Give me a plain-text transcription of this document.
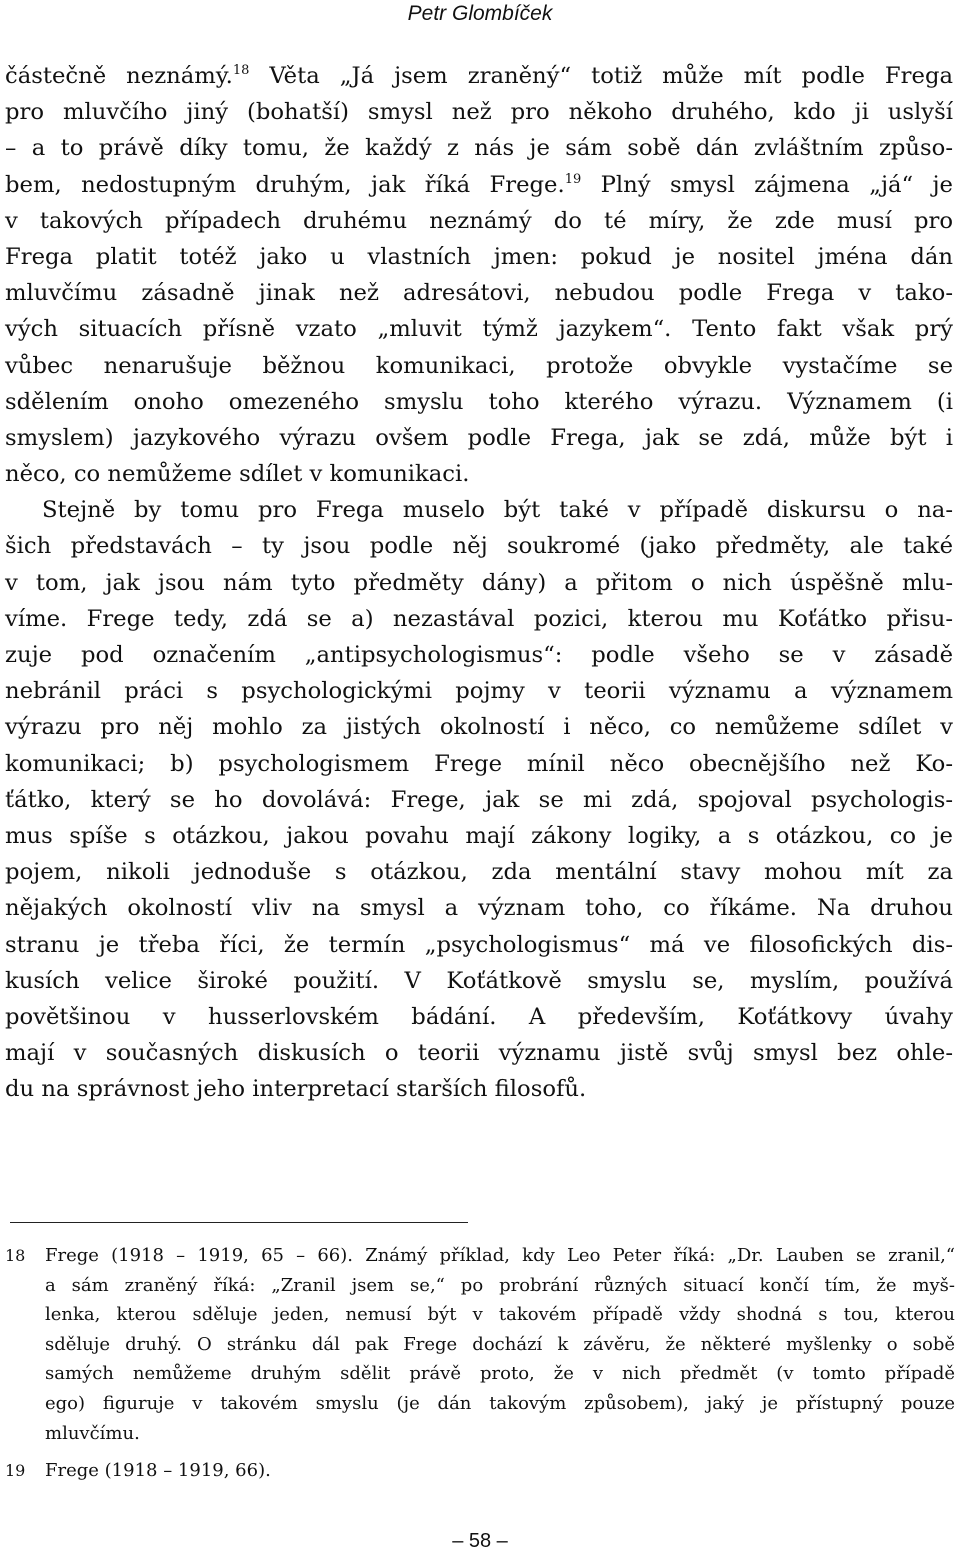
Petr Glombíček
částečně neznámý.$^{18}$ Věta „Já jsem zraněný“ totiž může mít podle Frega
pro mluvčího jiný (bohatší) smysl než pro někoho druhého, kdo ji uslyší
– a to právě díky tomu, že každý z nás je sám sobě dán zvláštním způso-
bem, nedostupným druhým, jak říká Frege.$^{19}$ Plný smysl zájmena „já“ je
v takových případech druhému neznámý do té míry, že zde musí pro
Frega platit totéž jako u vlastních jmen: pokud je nositel jména dán
mluvčímu zásadně jinak než adresátovi, nebudou podle Frega v tako-
vých situacích přísně vzato „mluvit týmž jazykem“. Tento fakt však prý
vůbec nenarušuje běžnou komunikaci, protože obvykle vystačíme se
sdělením onoho omezeného smyslu toho kterého výrazu. Významem (i
smyslem) jazykového výrazu ovšem podle Frega, jak se zdá, může být i
něco, co nemůžeme sdílet v komunikaci.
Stejně by tomu pro Frega muselo být také v případě diskursu o na-
šich představách – ty jsou podle něj soukromé (jako předměty, ale také
v tom, jak jsou nám tyto předměty dány) a přitom o nich úspěšně mlu-
víme. Frege tedy, zdá se a) nezastával pozici, kterou mu Koťátko přisu-
zuje pod označením „antipsychologismus“: podle všeho se v zásadě
nebránil práci s psychologickými pojmy v teorii významu a významem
výrazu pro něj mohlo za jistých okolností i něco, co nemůžeme sdílet v
komunikaci; b) psychologismem Frege mínil něco obecnějšího než Ko-
ťátko, který se ho dovolává: Frege, jak se mi zdá, spojoval psychologis-
mus spíše s otázkou, jakou povahu mají zákony logiky, a s otázkou, co je
pojem, nikoli jednoduše s otázkou, zda mentální stavy mohou mít za
nějakých okolností vliv na smysl a význam toho, co říkáme. Na druhou
stranu je třeba říci, že termín „psychologismus“ má ve filosofických dis-
kusích velice široké použití. V Koťátkově smyslu se, myslím, používá
povětšinou v husserlovském bádání. A především, Koťátkovy úvahy
mají v současných diskusích o teorii významu jistě svůj smysl bez ohle-
du na správnost jeho interpretací starších filosofů.
18 Frege (1918 – 1919, 65 – 66). Známý příklad, kdy Leo Peter říká: „Dr. Lauben se zranil,“
a sám zraněný říká: „Zranil jsem se,“ po probrání různých situací končí tím, že myš-
lenka, kterou sděluje jeden, nemusí být v takovém případě vždy shodná s tou, kterou
sděluje druhý. O stránku dál pak Frege dochází k závěru, že některé myšlenky o sobě
samých nemůžeme druhým sdělit právě proto, že v nich předmět (v tomto případě
ego) figuruje v takovém smyslu (je dán takovým způsobem), jaký je přístupný pouze
mluvčímu.
19 Frege (1918 – 1919, 66).
– 58 –
